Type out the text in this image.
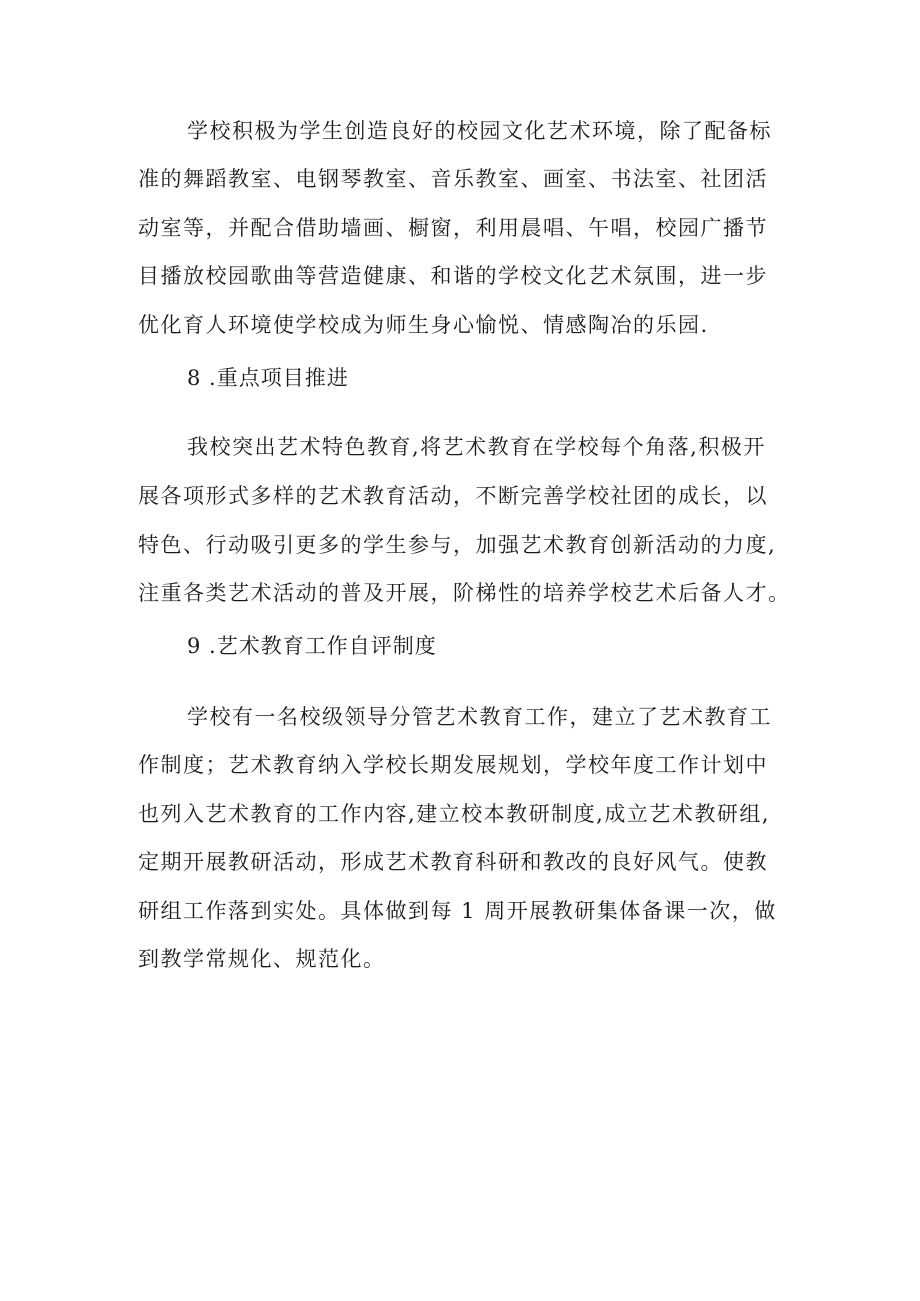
学校积极为学生创造良好的校园文化艺术环境，除了配备标
准的舞蹈教室、电钢琴教室、音乐教室、画室、书法室、社团活
动室等，并配合借助墙画、橱窗，利用晨唱、午唱，校园广播节
目播放校园歌曲等营造健康、和谐的学校文化艺术氛围，进一步
优化育人环境使学校成为师生身心愉悦、情感陶冶的乐园.
8 .重点项目推进
我校突出艺术特色教育,将艺术教育在学校每个角落,积极开
展各项形式多样的艺术教育活动，不断完善学校社团的成长，以
特色、行动吸引更多的学生参与，加强艺术教育创新活动的力度,
注重各类艺术活动的普及开展，阶梯性的培养学校艺术后备人才。
9 .艺术教育工作自评制度
学校有一名校级领导分管艺术教育工作，建立了艺术教育工
作制度；艺术教育纳入学校长期发展规划，学校年度工作计划中
也列入艺术教育的工作内容,建立校本教研制度,成立艺术教研组,
定期开展教研活动，形成艺术教育科研和教改的良好风气。使教
研组工作落到实处。具体做到每 1 周开展教研集体备课一次，做
到教学常规化、规范化。
